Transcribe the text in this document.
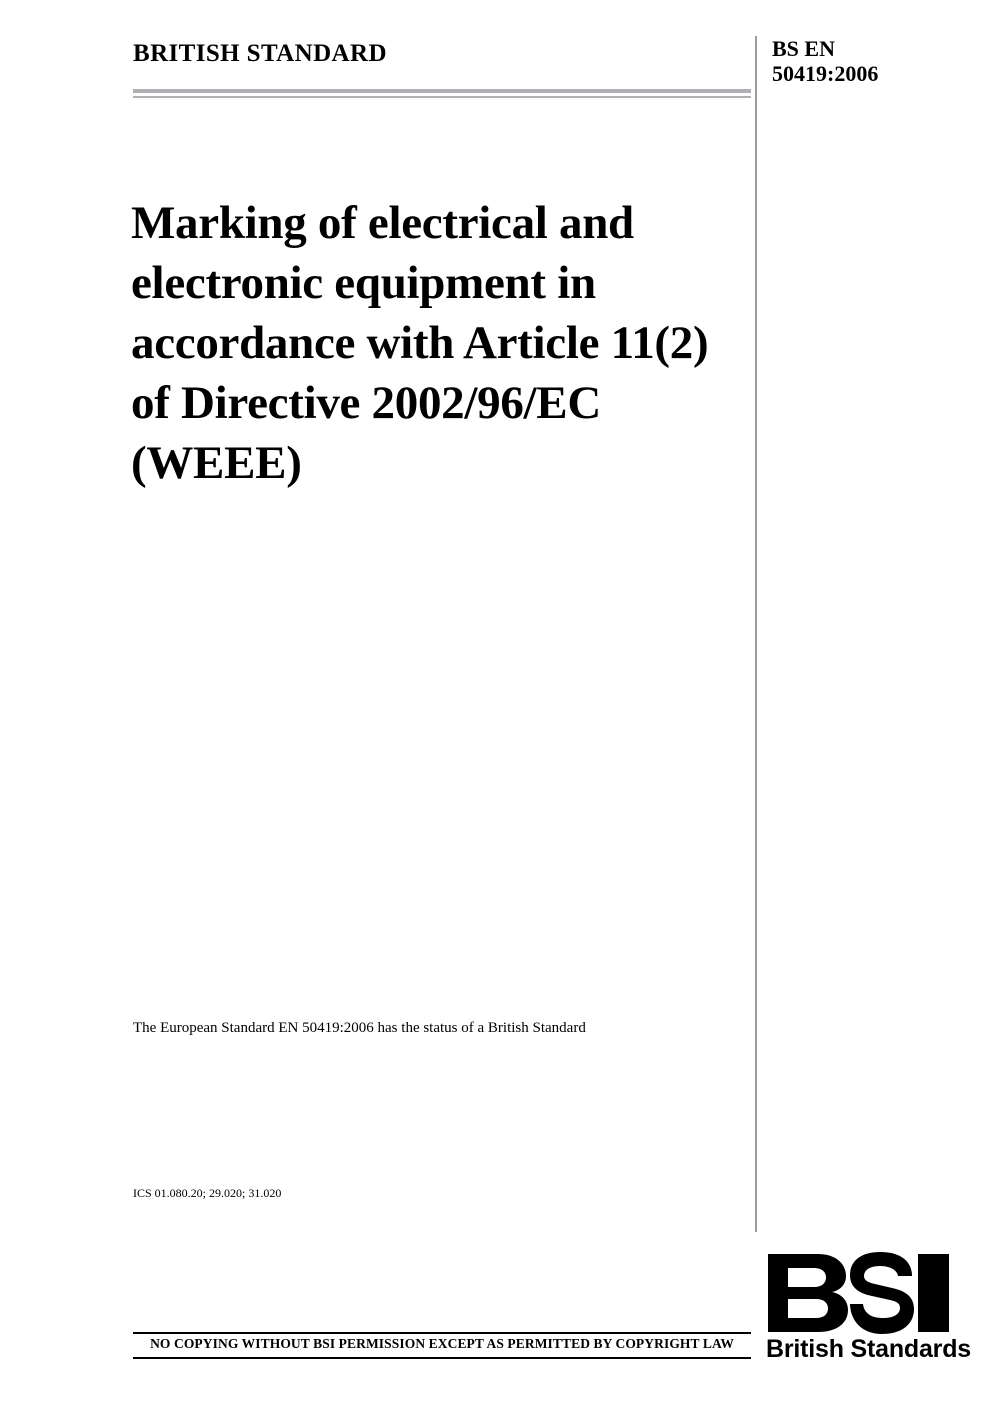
BRITISH STANDARD	BS EN
50419:2006
Marking of electrical and electronic equipment in accordance with Article 11(2) of Directive 2002/96/EC (WEEE)
The European Standard EN 50419:2006 has the status of a British Standard
ICS 01.080.20; 29.020; 31.020
NO COPYING WITHOUT BSI PERMISSION EXCEPT AS PERMITTED BY COPYRIGHT LAW	British Standards
